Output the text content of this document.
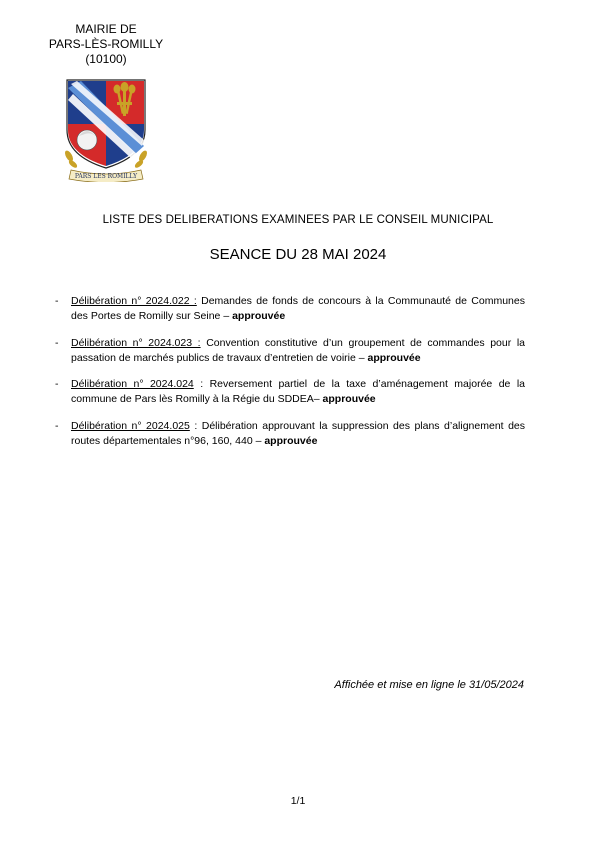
MAIRIE DE
PARS-LÈS-ROMILLY
(10100)
PARS LES ROMILLY
LISTE DES DELIBERATIONS EXAMINEES PAR LE CONSEIL MUNICIPAL
SEANCE DU 28 MAI 2024
- Délibération n° 2024.022 : Demandes de fonds de concours à la Communauté de Communes des Portes de Romilly sur Seine – approuvée
- Délibération n° 2024.023 : Convention constitutive d’un groupement de commandes pour la passation de marchés publics de travaux d’entretien de voirie – approuvée
- Délibération n° 2024.024 : Reversement partiel de la taxe d’aménagement majorée de la commune de Pars lès Romilly à la Régie du SDDEA– approuvée
- Délibération n° 2024.025 : Délibération approuvant la suppression des plans d’alignement des routes départementales n°96, 160, 440 – approuvée
Affichée et mise en ligne le 31/05/2024
1/1
